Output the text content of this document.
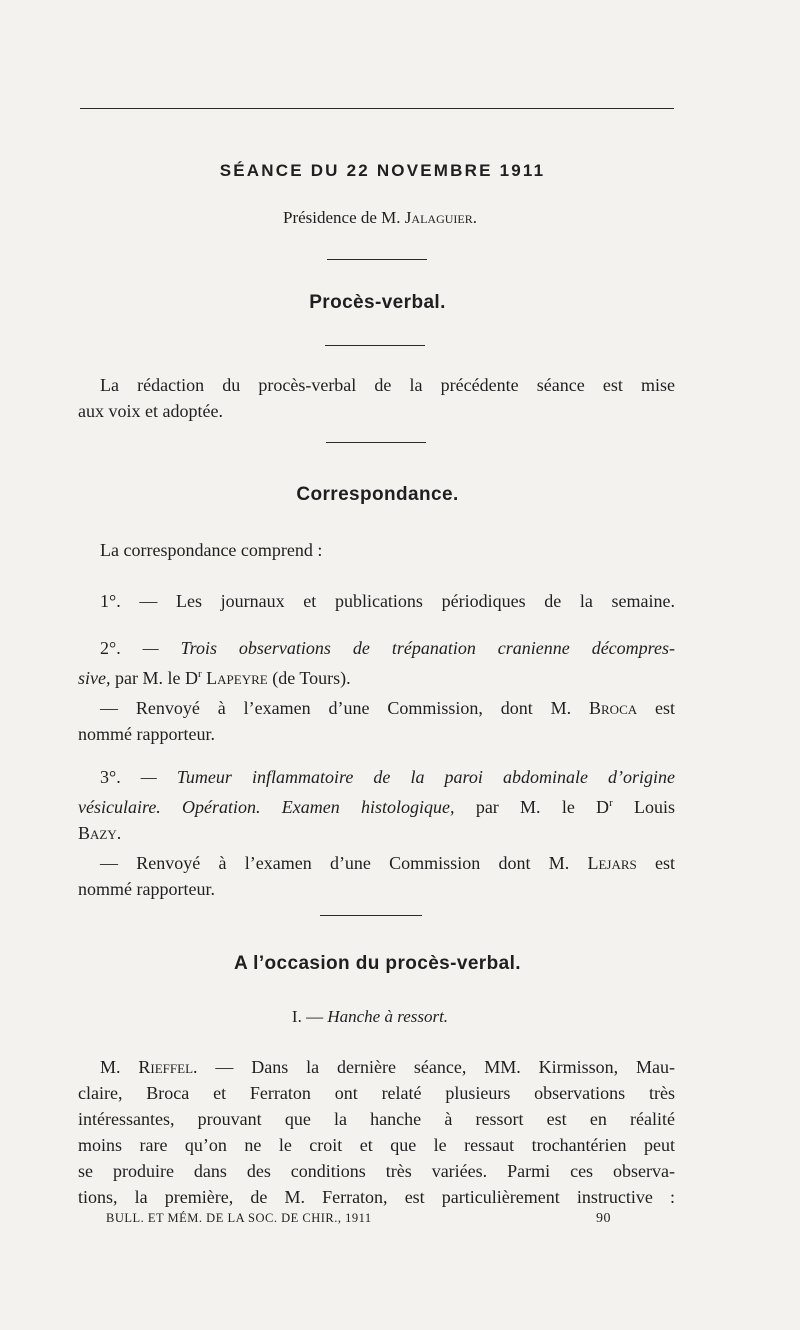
SÉANCE DU 22 NOVEMBRE 1911
Présidence de M. Jalaguier.
Procès-verbal.
La rédaction du procès-verbal de la précédente séance est mise
aux voix et adoptée.
Correspondance.
La correspondance comprend :
1°. — Les journaux et publications périodiques de la semaine.
2°. — Trois observations de trépanation cranienne décompres-
sive, par M. le $D^r$ Lapeyre (de Tours).
— Renvoyé à l’examen d’une Commission, dont M. Broca est
nommé rapporteur.
3°. — Tumeur inflammatoire de la paroi abdominale d’origine
vésiculaire. Opération. Examen histologique, par M. le $D^r$ Louis
Bazy.
— Renvoyé à l’examen d’une Commission dont M. Lejars est
nommé rapporteur.
A l’occasion du procès-verbal.
I. — Hanche à ressort.
M. Rieffel. — Dans la dernière séance, MM. Kirmisson, Mau-
claire, Broca et Ferraton ont relaté plusieurs observations très
intéressantes, prouvant que la hanche à ressort est en réalité
moins rare qu’on ne le croit et que le ressaut trochantérien peut
se produire dans des conditions très variées. Parmi ces observa-
tions, la première, de M. Ferraton, est particulièrement instructive :
BULL. ET MÉM. DE LA SOC. DE CHIR., 1911	90
